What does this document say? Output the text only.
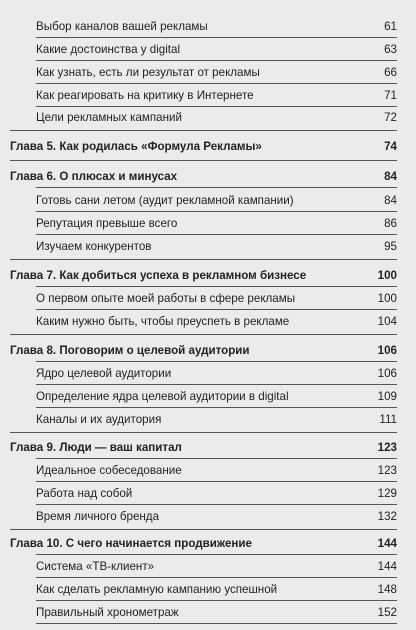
Выбор каналов вашей рекламы	61
Какие достоинства у digital	63
Как узнать, есть ли результат от рекламы	66
Как реагировать на критику в Интернете	71
Цели рекламных кампаний	72
Глава 5. Как родилась «Формула Рекламы»	74
Глава 6. О плюсах и минусах	84
Готовь сани летом (аудит рекламной кампании)	84
Репутация превыше всего	86
Изучаем конкурентов	95
Глава 7. Как добиться успеха в рекламном бизнесе	100
О первом опыте моей работы в сфере рекламы	100
Каким нужно быть, чтобы преуспеть в рекламе	104
Глава 8. Поговорим о целевой аудитории	106
Ядро целевой аудитории	106
Определение ядра целевой аудитории в digital	109
Каналы и их аудитория	111
Глава 9. Люди — ваш капитал	123
Идеальное собеседование	123
Работа над собой	129
Время личного бренда	132
Глава 10. С чего начинается продвижение	144
Система «ТВ-клиент»	144
Как сделать рекламную кампанию успешной	148
Правильный хронометраж	152
